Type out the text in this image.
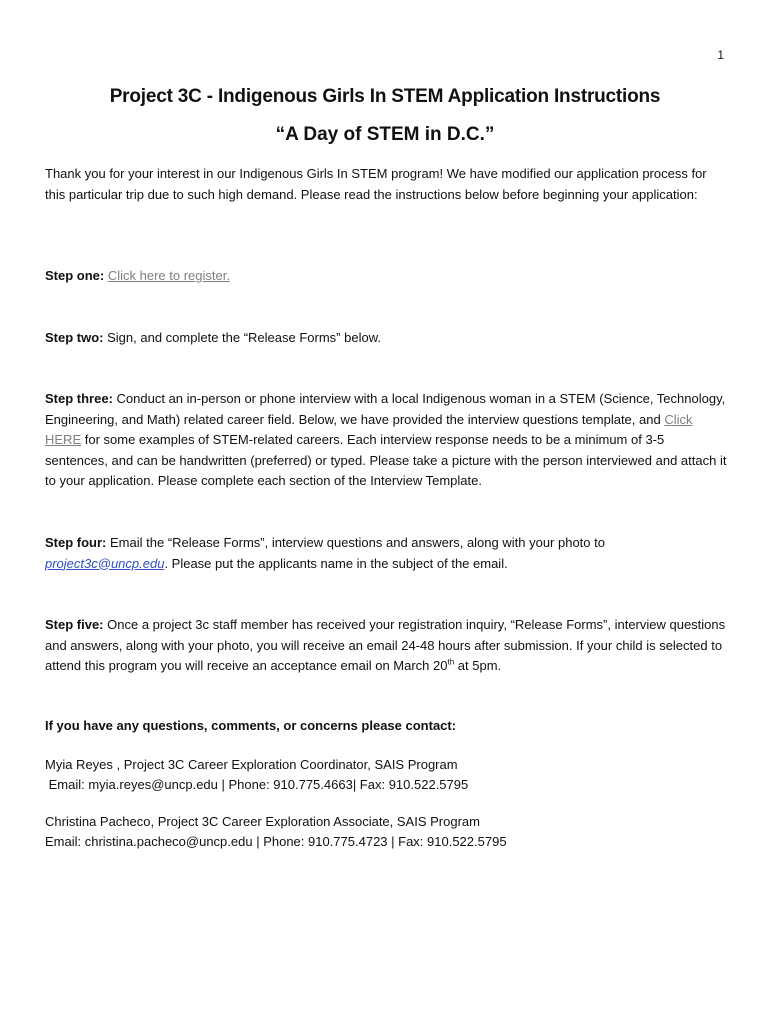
1
Project 3C - Indigenous Girls In STEM Application Instructions
“A Day of STEM in D.C.”
Thank you for your interest in our Indigenous Girls In STEM program! We have modified our application process for this particular trip due to such high demand. Please read the instructions below before beginning your application:
Step one: Click here to register.
Step two: Sign, and complete the “Release Forms” below.
Step three: Conduct an in-person or phone interview with a local Indigenous woman in a STEM (Science, Technology, Engineering, and Math) related career field. Below, we have provided the interview questions template, and Click HERE for some examples of STEM-related careers. Each interview response needs to be a minimum of 3-5 sentences, and can be handwritten (preferred) or typed. Please take a picture with the person interviewed and attach it to your application. Please complete each section of the Interview Template.
Step four: Email the “Release Forms”, interview questions and answers, along with your photo to project3c@uncp.edu. Please put the applicants name in the subject of the email.
Step five: Once a project 3c staff member has received your registration inquiry, “Release Forms”, interview questions and answers, along with your photo, you will receive an email 24-48 hours after submission. If your child is selected to attend this program you will receive an acceptance email on March 20th at 5pm.
If you have any questions, comments, or concerns please contact:
Myia Reyes , Project 3C Career Exploration Coordinator, SAIS Program
Email: myia.reyes@uncp.edu | Phone: 910.775.4663| Fax: 910.522.5795
Christina Pacheco, Project 3C Career Exploration Associate, SAIS Program
Email: christina.pacheco@uncp.edu | Phone: 910.775.4723 | Fax: 910.522.5795
